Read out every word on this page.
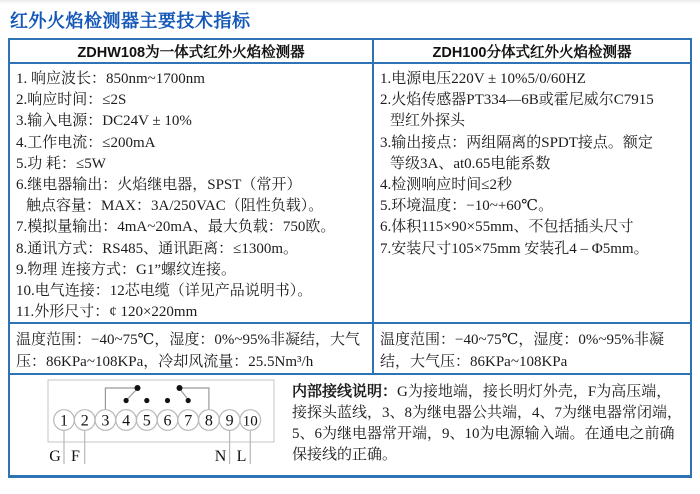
红外火焰检测器主要技术指标
ZDHW108为一体式红外火焰检测器	ZDH100分体式红外火焰检测器
1. 响应波长：850nm~1700nm
2.响应时间：≤2S
3.输入电源：DC24V ± 10%
4.工作电流：≤200mA
5.功 耗：≤5W
6.继电器输出：火焰继电器，SPST（常开）
触点容量：MAX：3A/250VAC（阻性负载）。
7.模拟量输出：4mA~20mA、最大负载：750欧。
8.通讯方式：RS485、通讯距离：≤1300m。
9.物理 连接方式：G1”螺纹连接。
10.电气连接：12芯电缆（详见产品说明书）。
11.外形尺寸：¢ 120×220mm
1.电源电压220V ± 10%5/0/60HZ
2.火焰传感器PT334—6B或霍尼威尔C7915
型红外探头
3.输出接点：两组隔离的SPDT接点。额定
等级3A、at0.65电能系数
4.检测响应时间≤2秒
5.环境温度：−10~+60℃。
6.体积115×90×55mm、不包括插头尺寸
7.安装尺寸105×75mm 安装孔4 – Φ5mm。
温度范围：−40~75℃，湿度：0%~95%非凝结，大气压：86KPa~108KPa，冷却风流量：25.5Nm³/h
温度范围：−40~75℃，湿度：0%~95%非凝结，大气压：86KPa~108KPa
1 2 3 4 5 6 7 8 9 10
G F	N L
内部接线说明：G为接地端，接长明灯外壳，F为高压端，接探头蓝线，3、8为继电器公共端，4、7为继电器常闭端，5、6为继电器常开端，9、10为电源输入端。在通电之前确保接线的正确。
